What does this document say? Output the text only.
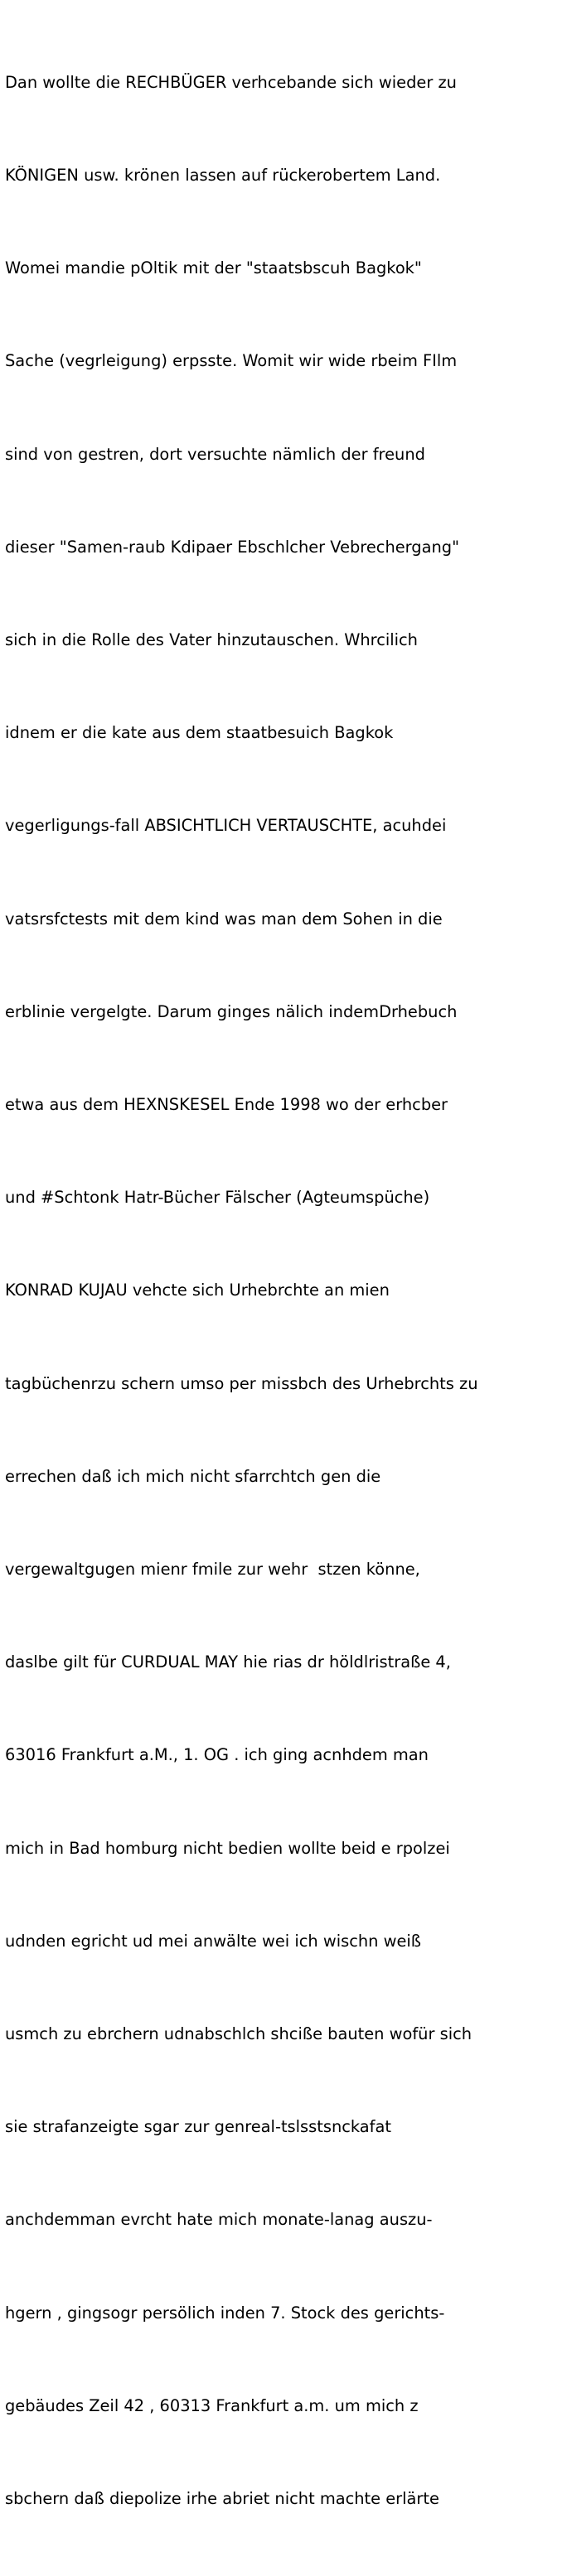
Dan wollte die RECHBÜGER verhcebande sich wieder zu

KÖNIGEN usw. krönen lassen auf rückerobertem Land.

Womei mandie pOltik mit der "staatsbscuh Bagkok"

Sache (vegrleigung) erpsste. Womit wir wide rbeim FIlm

sind von gestren, dort versuchte nämlich der freund

dieser "Samen-raub Kdipaer Ebschlcher Vebrechergang"

sich in die Rolle des Vater hinzutauschen. Whrcilich

idnem er die kate aus dem staatbesuich Bagkok

vegerligungs-fall ABSICHTLICH VERTAUSCHTE, acuhdei

vatsrsfctests mit dem kind was man dem Sohen in die

erblinie vergelgte. Darum ginges nälich indemDrhebuch

etwa aus dem HEXNSKESEL Ende 1998 wo der erhcber

und #Schtonk Hatr-Bücher Fälscher (Agteumspüche)

KONRAD KUJAU vehcte sich Urhebrchte an mien

tagbüchenrzu schern umso per missbch des Urhebrchts zu

errechen daß ich mich nicht sfarrchtch gen die

vergewaltgugen mienr fmile zur wehr  stzen könne,

daslbe gilt für CURDUAL MAY hie rias dr höldlristraße 4,

63016 Frankfurt a.M., 1. OG . ich ging acnhdem man

mich in Bad homburg nicht bedien wollte beid e rpolzei

udnden egricht ud mei anwälte wei ich wischn weiß

usmch zu ebrchern udnabschlch shciße bauten wofür sich

sie strafanzeigte sgar zur genreal-tslsstsnckafat

anchdemman evrcht hate mich monate-lanag auszu-

hgern , gingsogr persölich inden 7. Stock des gerichts-

gebäudes Zeil 42 , 60313 Frankfurt a.m. um mich z

sbchern daß diepolize irhe abriet nicht machte erlärte
